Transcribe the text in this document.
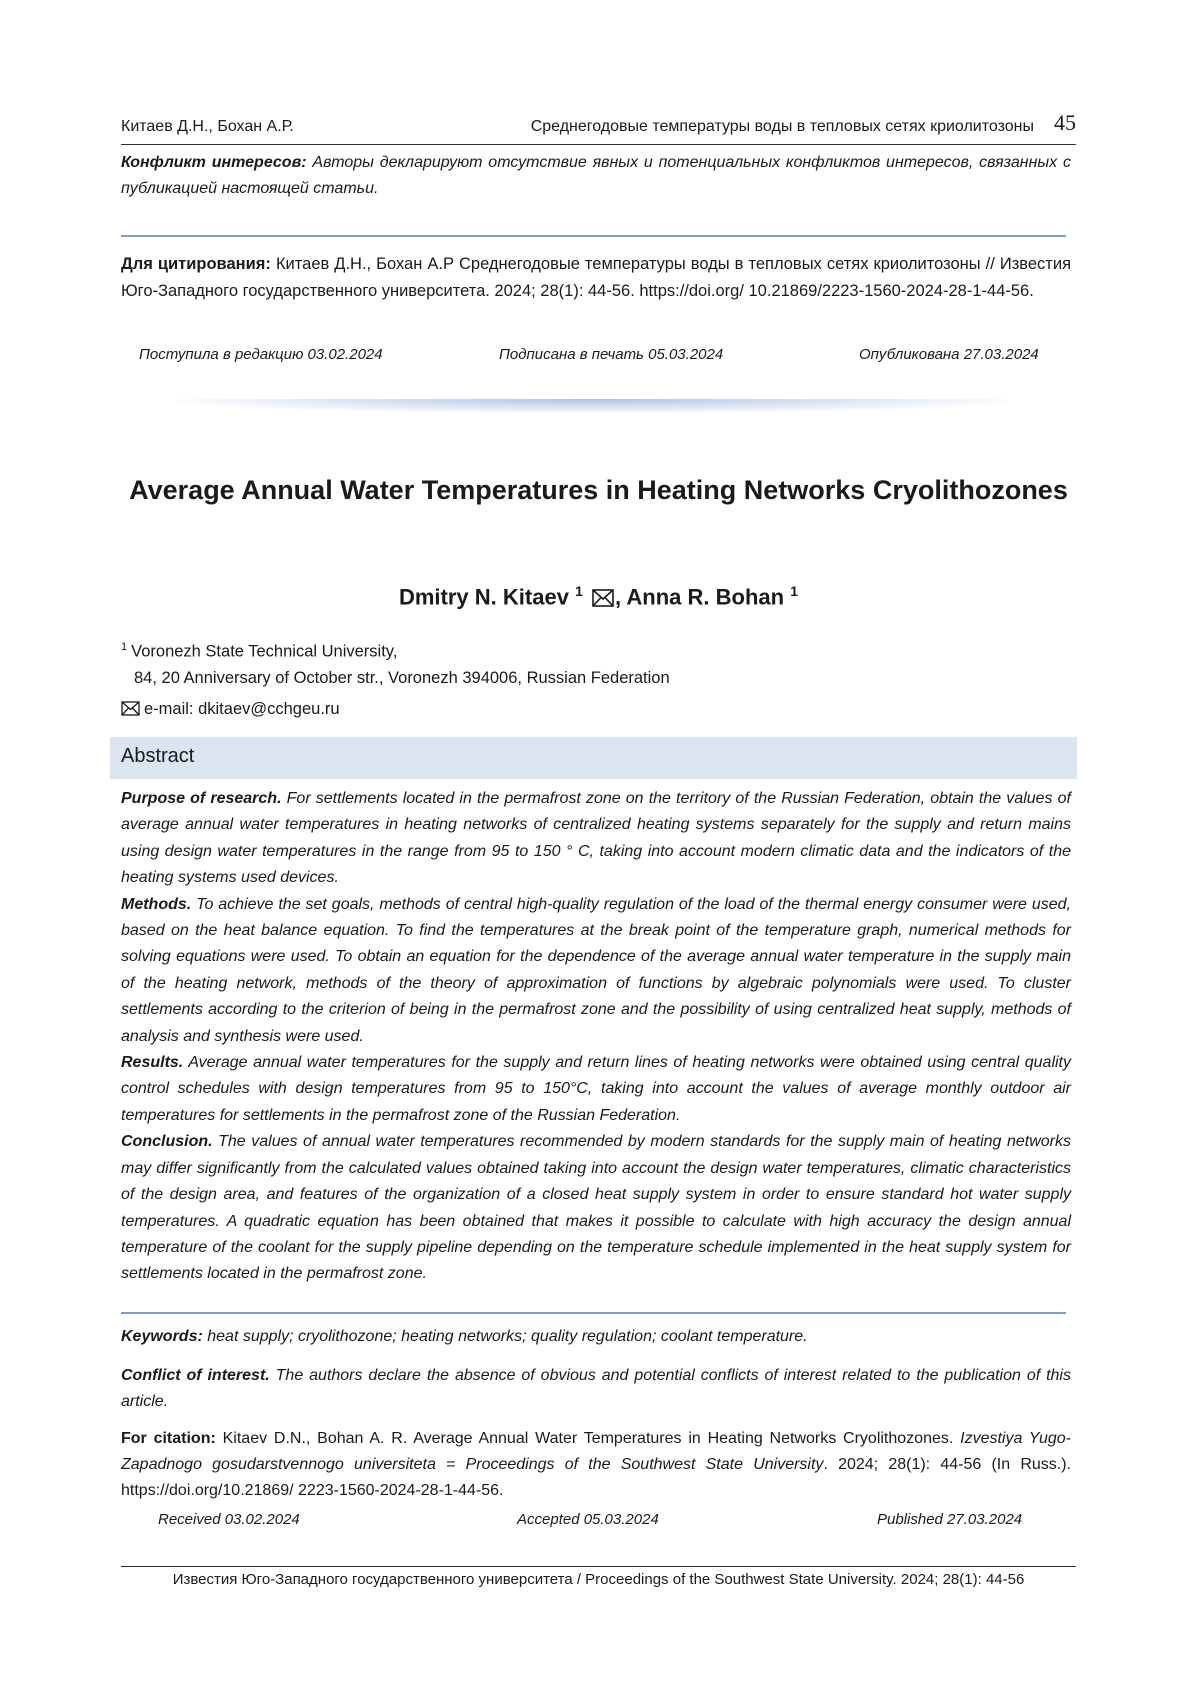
Китаев Д.Н., Бохан А.Р.	Среднегодовые температуры воды в тепловых сетях криолитозоны 45

Конфликт интересов: Авторы декларируют отсутствие явных и потенциальных конфликтов интересов, связанных с публикацией настоящей статьи.

Для цитирования: Китаев Д.Н., Бохан А.Р Среднегодовые температуры воды в тепловых сетях криолитозоны // Известия Юго-Западного государственного университета. 2024; 28(1): 44-56. https://doi.org/ 10.21869/2223-1560-2024-28-1-44-56.

Поступила в редакцию 03.02.2024	Подписана в печать 05.03.2024	Опубликована 27.03.2024
Average Annual Water Temperatures in Heating Networks Cryolithozones
Dmitry N. Kitaev $^1$ , Anna R. Bohan $^1$
$^1$ Voronezh State Technical University,
84, 20 Anniversary of October str., Voronezh 394006, Russian Federation
e-mail: dkitaev@cchgeu.ru
Abstract

Purpose of research. For settlements located in the permafrost zone on the territory of the Russian Federation, obtain the values of average annual water temperatures in heating networks of centralized heating systems separately for the supply and return mains using design water temperatures in the range from 95 to 150 ° C, taking into account modern climatic data and the indicators of the heating systems used devices.

Methods. To achieve the set goals, methods of central high-quality regulation of the load of the thermal energy consumer were used, based on the heat balance equation. To find the temperatures at the break point of the temperature graph, numerical methods for solving equations were used. To obtain an equation for the dependence of the average annual water temperature in the supply main of the heating network, methods of the theory of approximation of functions by algebraic polynomials were used. To cluster settlements according to the criterion of being in the permafrost zone and the possibility of using centralized heat supply, methods of analysis and synthesis were used.

Results. Average annual water temperatures for the supply and return lines of heating networks were obtained using central quality control schedules with design temperatures from 95 to 150°C, taking into account the values of average monthly outdoor air temperatures for settlements in the permafrost zone of the Russian Federation.

Conclusion. The values of annual water temperatures recommended by modern standards for the supply main of heating networks may differ significantly from the calculated values obtained taking into account the design water temperatures, climatic characteristics of the design area, and features of the organization of a closed heat supply system in order to ensure standard hot water supply temperatures. A quadratic equation has been obtained that makes it possible to calculate with high accuracy the design annual temperature of the coolant for the supply pipeline depending on the temperature schedule implemented in the heat supply system for settlements located in the permafrost zone.

Keywords: heat supply; cryolithozone; heating networks; quality regulation; coolant temperature.

Conflict of interest. The authors declare the absence of obvious and potential conflicts of interest related to the publication of this article.

For citation: Kitaev D.N., Bohan A. R. Average Annual Water Temperatures in Heating Networks Cryolithozones. Izvestiya Yugo-Zapadnogo gosudarstvennogo universiteta = Proceedings of the Southwest State University. 2024; 28(1): 44-56 (In Russ.). https://doi.org/10.21869/ 2223-1560-2024-28-1-44-56.

Received 03.02.2024	Accepted 05.03.2024	Published 27.03.2024
Известия Юго-Западного государственного университета / Proceedings of the Southwest State University. 2024; 28(1): 44-56
